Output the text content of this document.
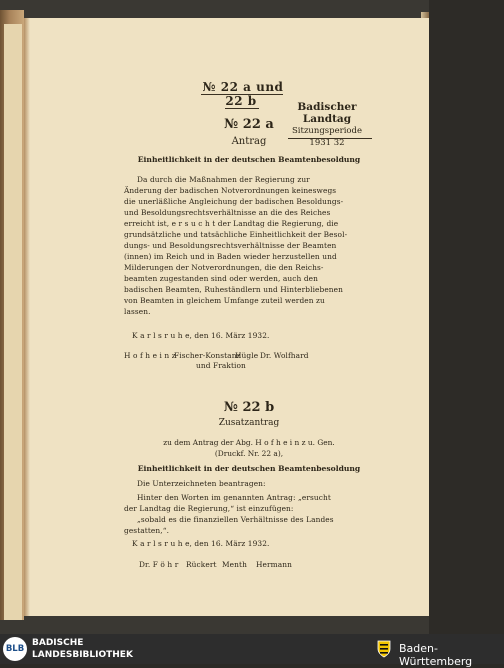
№ 22 a und 22 b	Badischer Landtag
Sitzungsperiode
1931 32
№ 22 a
Antrag
Einheitlichkeit in der deutschen Beamtenbesoldung
Da durch die Maßnahmen der Regierung zur
Änderung der badischen Notverordnungen keineswegs
die unerläßliche Angleichung der badischen Besoldungs-
und Besoldungsrechtsverhältnisse an die des Reiches
erreicht ist, e r s u c h t der Landtag die Regierung, die
grundsätzliche und tatsächliche Einheitlichkeit der Besol-
dungs- und Besoldungsrechtsverhältnisse der Beamten
(innen) im Reich und in Baden wieder herzustellen und
Milderungen der Notverordnungen, die den Reichs-
beamten zugestanden sind oder werden, auch den
badischen Beamten, Ruheständlern und Hinterbliebenen
von Beamten in gleichem Umfange zuteil werden zu
lassen.
K a r l s r u h e, den 16. März 1932.
H o f h e i n z
Fischer-Konstanz
Hügle Dr. Wolfhard
und Fraktion
№ 22 b
Zusatzantrag
zu dem Antrag der Abg. H o f h e i n z u. Gen.
(Druckf. Nr. 22 a),
Einheitlichkeit in der deutschen Beamtenbesoldung
Die Unterzeichneten beantragen:
Hinter den Worten im genannten Antrag: „ersucht
der Landtag die Regierung,“ ist einzufügen:
„sobald es die finanziellen Verhältnisse des Landes
gestatten,“.
K a r l s r u h e, den 16. März 1932.
Dr. F ö h r Rückert Menth Hermann
BLB
BADISCHE
LANDESBIBLIOTHEK	Baden-Württemberg
